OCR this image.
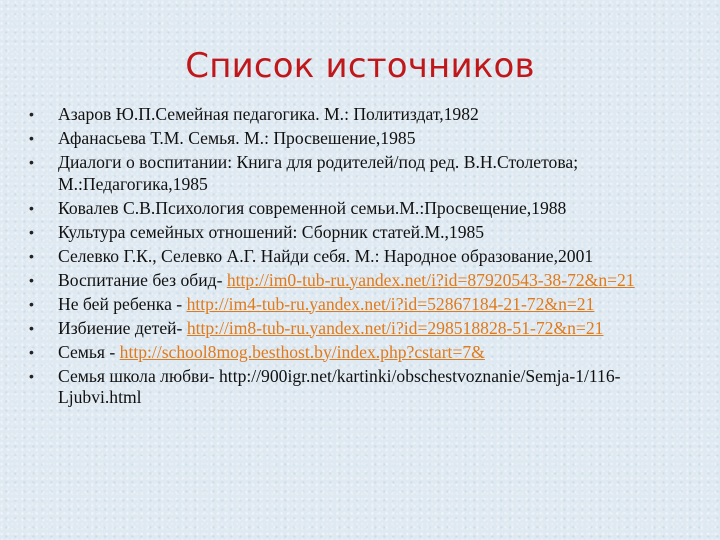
Список источников
• Азаров Ю.П.Семейная педагогика. М.: Политиздат,1982
• Афанасьева Т.М. Семья. М.: Просвешение,1985
• Диалоги о воспитании: Книга для родителей/под ред. В.Н.Столетова; М.:Педагогика,1985
• Ковалев С.В.Психология современной семьи.М.:Просвещение,1988
• Культура семейных отношений: Сборник статей.М.,1985
• Селевко Г.К., Селевко А.Г. Найди себя. М.: Народное образование,2001
• Воспитание без обид- http://im0-tub-ru.yandex.net/i?id=87920543-38-72&n=21
• Не бей ребенка - http://im4-tub-ru.yandex.net/i?id=52867184-21-72&n=21
• Избиение детей- http://im8-tub-ru.yandex.net/i?id=298518828-51-72&n=21
• Семья - http://school8mog.besthost.by/index.php?cstart=7&
• Семья школа любви- http://900igr.net/kartinki/obschestvoznanie/Semja-1/116-Ljubvi.html
